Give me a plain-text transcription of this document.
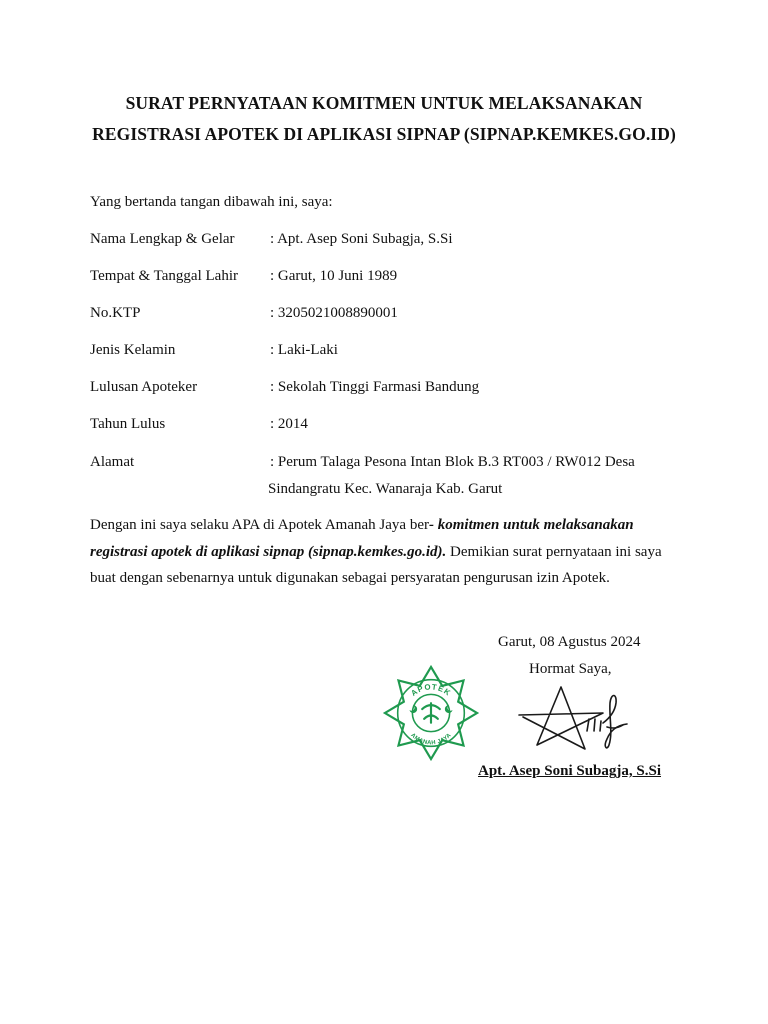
SURAT PERNYATAAN KOMITMEN UNTUK MELAKSANAKAN
REGISTRASI APOTEK DI APLIKASI SIPNAP (SIPNAP.KEMKES.GO.ID)
Yang bertanda tangan dibawah ini, saya:
Nama Lengkap & Gelar : Apt. Asep Soni Subagja, S.Si
Tempat & Tanggal Lahir : Garut, 10 Juni 1989
No.KTP	: 3205021008890001
Jenis Kelamin	: Laki-Laki
Lulusan Apoteker	: Sekolah Tinggi Farmasi Bandung
Tahun Lulus	: 2014
Alamat	: Perum Talaga Pesona Intan Blok B.3 RT003 / RW012 Desa
Sindangratu Kec. Wanaraja Kab. Garut
Dengan ini saya selaku APA di Apotek Amanah Jaya ber- komitmen untuk melaksanakan
registrasi apotek di aplikasi sipnap (sipnap.kemkes.go.id). Demikian surat pernyataan ini saya
buat dengan sebenarnya untuk digunakan sebagai persyaratan pengurusan izin Apotek.
Garut, 08 Agustus 2024
Hormat Saya,
APOTEK
AMANAH JAYA
Apt. Asep Soni Subagja, S.Si
